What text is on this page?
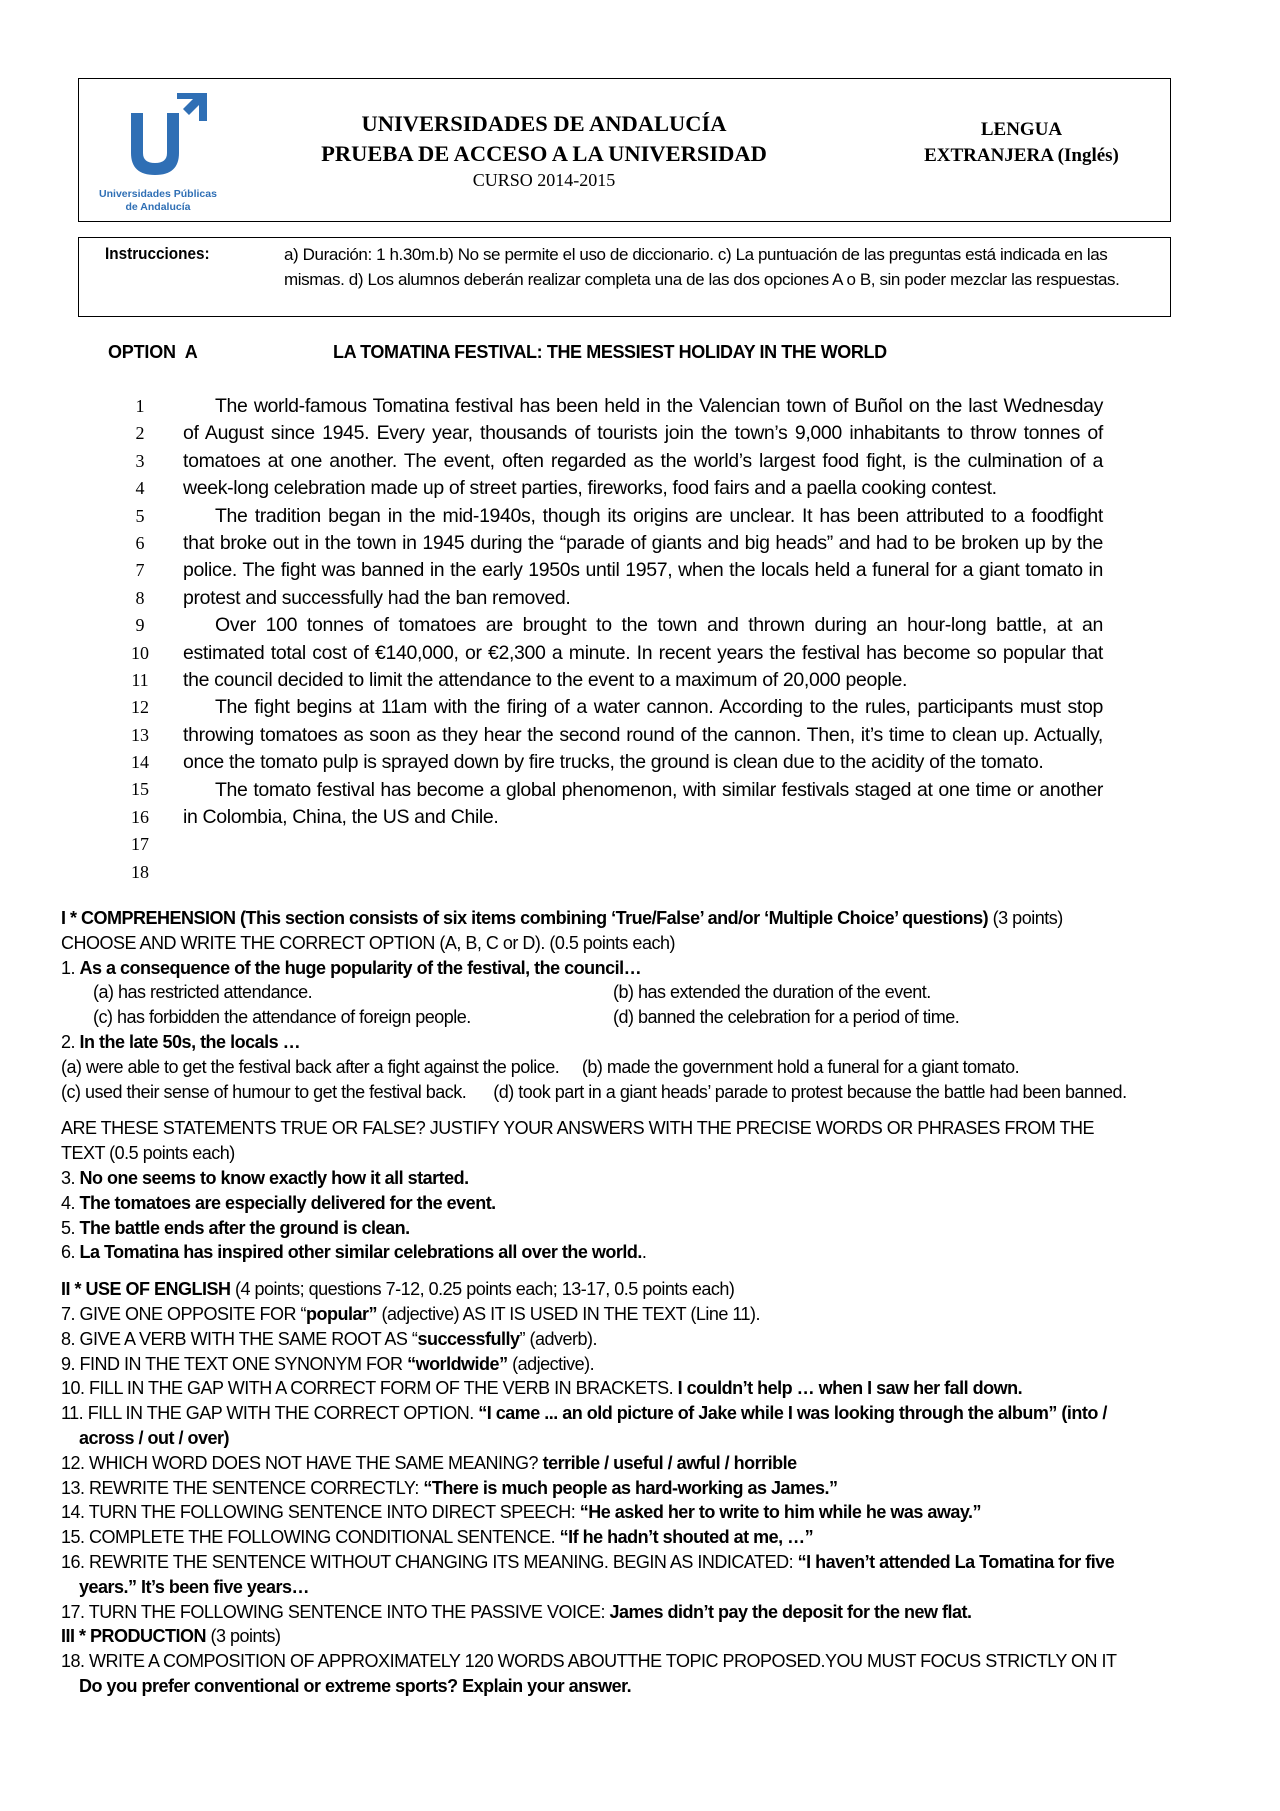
Universidades Públicas
de Andalucía
UNIVERSIDADES DE ANDALUCÍA
PRUEBA DE ACCESO A LA UNIVERSIDAD
CURSO 2014-2015
LENGUA
EXTRANJERA (Inglés)
Instrucciones:	a) Duración: 1 h.30m.b) No se permite el uso de diccionario. c) La puntuación de las preguntas está indicada en las mismas. d) Los alumnos deberán realizar completa una de las dos opciones A o B, sin poder mezclar las respuestas.
OPTION  A	LA TOMATINA FESTIVAL: THE MESSIEST HOLIDAY IN THE WORLD
1
2
3
4
5
6
7
8
9
10
11
12
13
14
15
16
17
18

The world-famous Tomatina festival has been held in the Valencian town of Buñol on the last Wednesday of August since 1945. Every year, thousands of tourists join the town’s 9,000 inhabitants to throw tonnes of tomatoes at one another. The event, often regarded as the world’s largest food fight, is the culmination of a week-long celebration made up of street parties, fireworks, food fairs and a paella cooking contest.

The tradition began in the mid-1940s, though its origins are unclear. It has been attributed to a foodfight that broke out in the town in 1945 during the “parade of giants and big heads” and had to be broken up by the police. The fight was banned in the early 1950s until 1957, when the locals held a funeral for a giant tomato in protest and successfully had the ban removed.

Over 100 tonnes of tomatoes are brought to the town and thrown during an hour-long battle, at an estimated total cost of €140,000, or €2,300 a minute. In recent years the festival has become so popular that the council decided to limit the attendance to the event to a maximum of 20,000 people.

The fight begins at 11am with the firing of a water cannon. According to the rules, participants must stop throwing tomatoes as soon as they hear the second round of the cannon. Then, it’s time to clean up. Actually, once the tomato pulp is sprayed down by fire trucks, the ground is clean due to the acidity of the tomato.

The tomato festival has become a global phenomenon, with similar festivals staged at one time or another in Colombia, China, the US and Chile.

I * COMPREHENSION (This section consists of six items combining ‘True/False’ and/or ‘Multiple Choice’ questions) (3 points)
CHOOSE AND WRITE THE CORRECT OPTION (A, B, C or D). (0.5 points each)
1. As a consequence of the huge popularity of the festival, the council…
(a) has restricted attendance.	(b) has extended the duration of the event.
(c) has forbidden the attendance of foreign people.	(d) banned the celebration for a period of time.
2. In the late 50s, the locals …
(a) were able to get the festival back after a fight against the police. (b) made the government hold a funeral for a giant tomato.
(c) used their sense of humour to get the festival back. (d) took part in a giant heads’ parade to protest because the battle had been banned.
ARE THESE STATEMENTS TRUE OR FALSE? JUSTIFY YOUR ANSWERS WITH THE PRECISE WORDS OR PHRASES FROM THE
TEXT (0.5 points each)
3. No one seems to know exactly how it all started.
4. The tomatoes are especially delivered for the event.
5. The battle ends after the ground is clean.
6. La Tomatina has inspired other similar celebrations all over the world..
II * USE OF ENGLISH (4 points; questions 7-12, 0.25 points each; 13-17, 0.5 points each)
7. GIVE ONE OPPOSITE FOR “popular” (adjective) AS IT IS USED IN THE TEXT (Line 11).
8. GIVE A VERB WITH THE SAME ROOT AS “successfully” (adverb).
9. FIND IN THE TEXT ONE SYNONYM FOR “worldwide” (adjective).
10. FILL IN THE GAP WITH A CORRECT FORM OF THE VERB IN BRACKETS. I couldn’t help … when I saw her fall down.
11. FILL IN THE GAP WITH THE CORRECT OPTION. “I came ... an old picture of Jake while I was looking through the album” (into /
across / out / over)
12. WHICH WORD DOES NOT HAVE THE SAME MEANING? terrible / useful / awful / horrible
13. REWRITE THE SENTENCE CORRECTLY: “There is much people as hard-working as James.”
14. TURN THE FOLLOWING SENTENCE INTO DIRECT SPEECH: “He asked her to write to him while he was away.”
15. COMPLETE THE FOLLOWING CONDITIONAL SENTENCE. “If he hadn’t shouted at me, …”
16. REWRITE THE SENTENCE WITHOUT CHANGING ITS MEANING. BEGIN AS INDICATED: “I haven’t attended La Tomatina for five
years.” It’s been five years…
17. TURN THE FOLLOWING SENTENCE INTO THE PASSIVE VOICE: James didn’t pay the deposit for the new flat.
III * PRODUCTION (3 points)
18. WRITE A COMPOSITION OF APPROXIMATELY 120 WORDS ABOUTTHE TOPIC PROPOSED.YOU MUST FOCUS STRICTLY ON IT
Do you prefer conventional or extreme sports? Explain your answer.
